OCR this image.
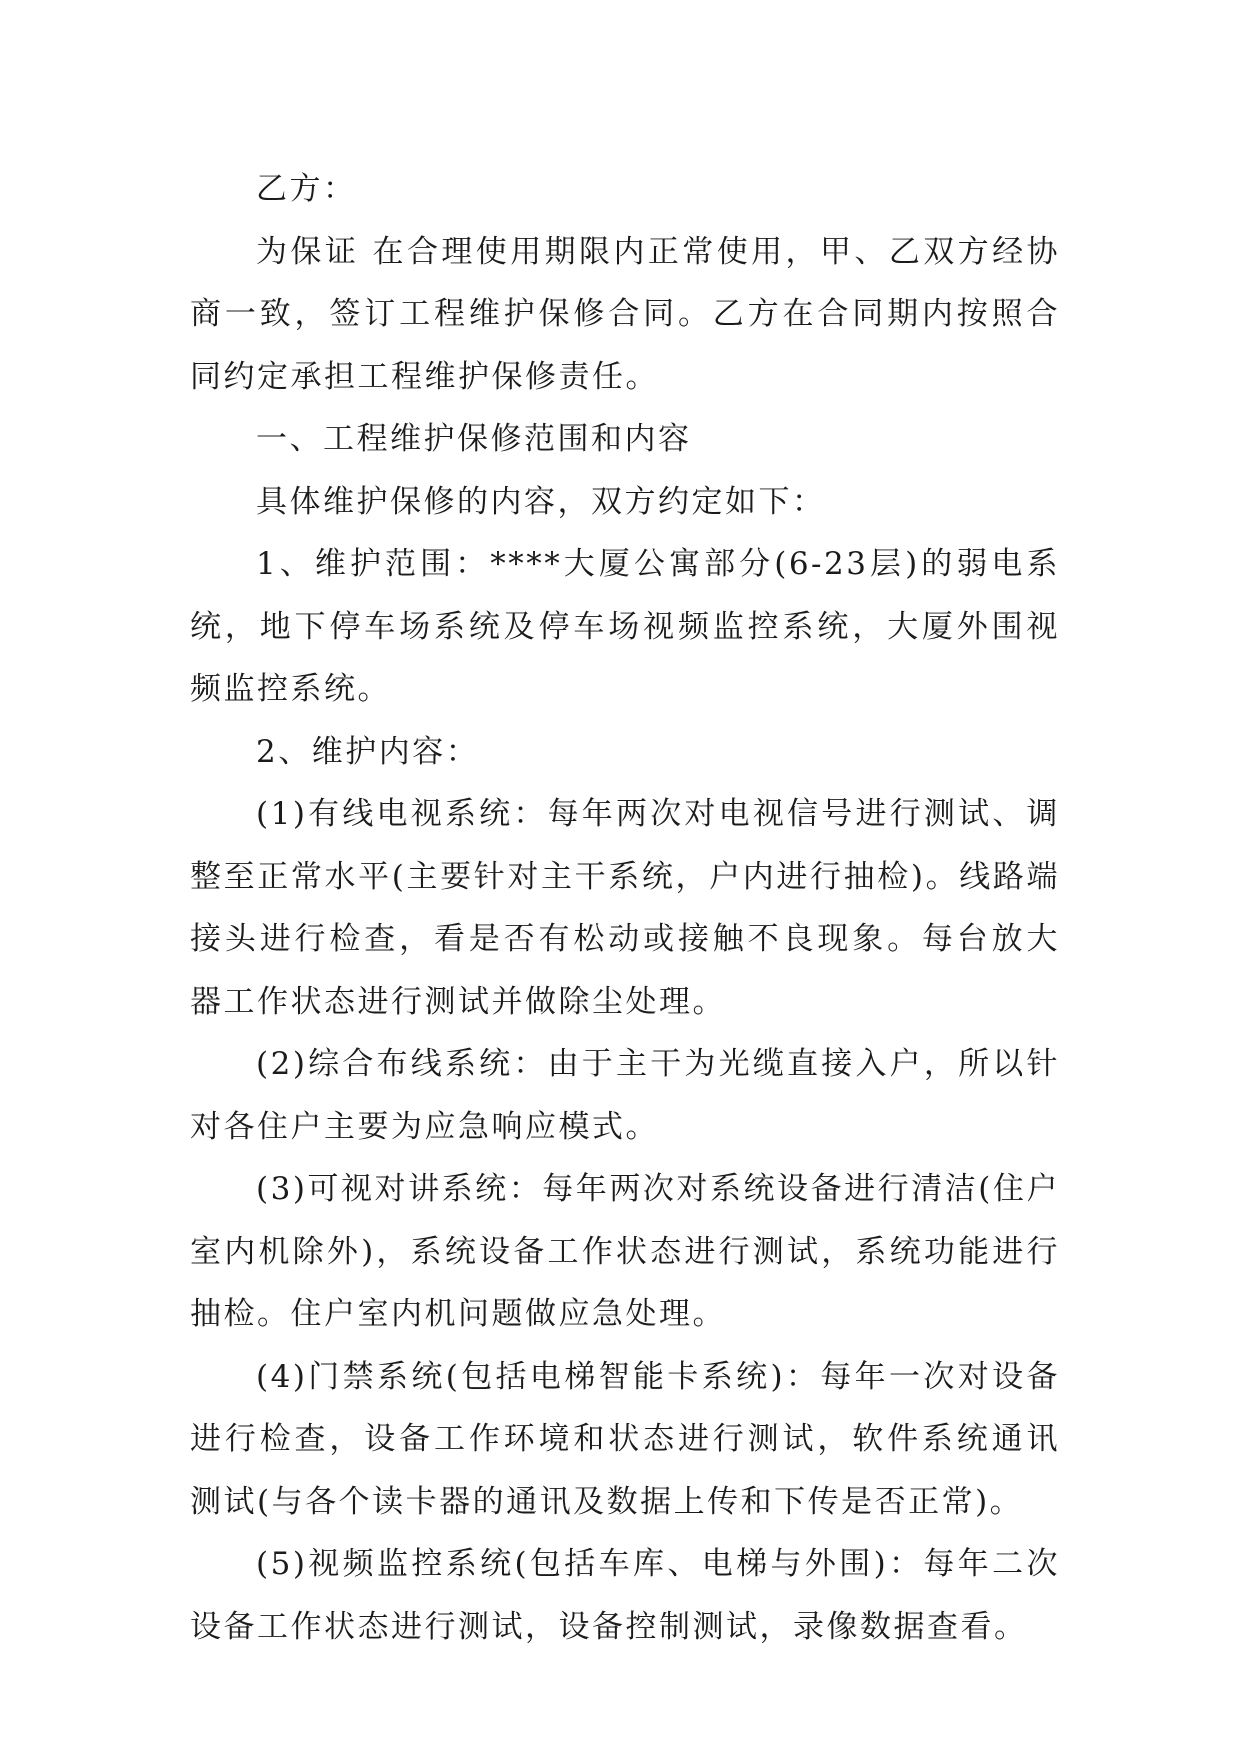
乙方：

为保证 在合理使用期限内正常使用，甲、乙双方经协商一致，签订工程维护保修合同。乙方在合同期内按照合同约定承担工程维护保修责任。

一、工程维护保修范围和内容

具体维护保修的内容，双方约定如下：

1、维护范围：****大厦公寓部分(6-23层)的弱电系统，地下停车场系统及停车场视频监控系统，大厦外围视频监控系统。

2、维护内容：

(1)有线电视系统：每年两次对电视信号进行测试、调整至正常水平(主要针对主干系统，户内进行抽检)。线路端接头进行检查，看是否有松动或接触不良现象。每台放大器工作状态进行测试并做除尘处理。

(2)综合布线系统：由于主干为光缆直接入户，所以针对各住户主要为应急响应模式。

(3)可视对讲系统：每年两次对系统设备进行清洁(住户室内机除外)，系统设备工作状态进行测试，系统功能进行抽检。住户室内机问题做应急处理。

(4)门禁系统(包括电梯智能卡系统)：每年一次对设备进行检查，设备工作环境和状态进行测试，软件系统通讯测试(与各个读卡器的通讯及数据上传和下传是否正常)。

(5)视频监控系统(包括车库、电梯与外围)：每年二次设备工作状态进行测试，设备控制测试，录像数据查看。
